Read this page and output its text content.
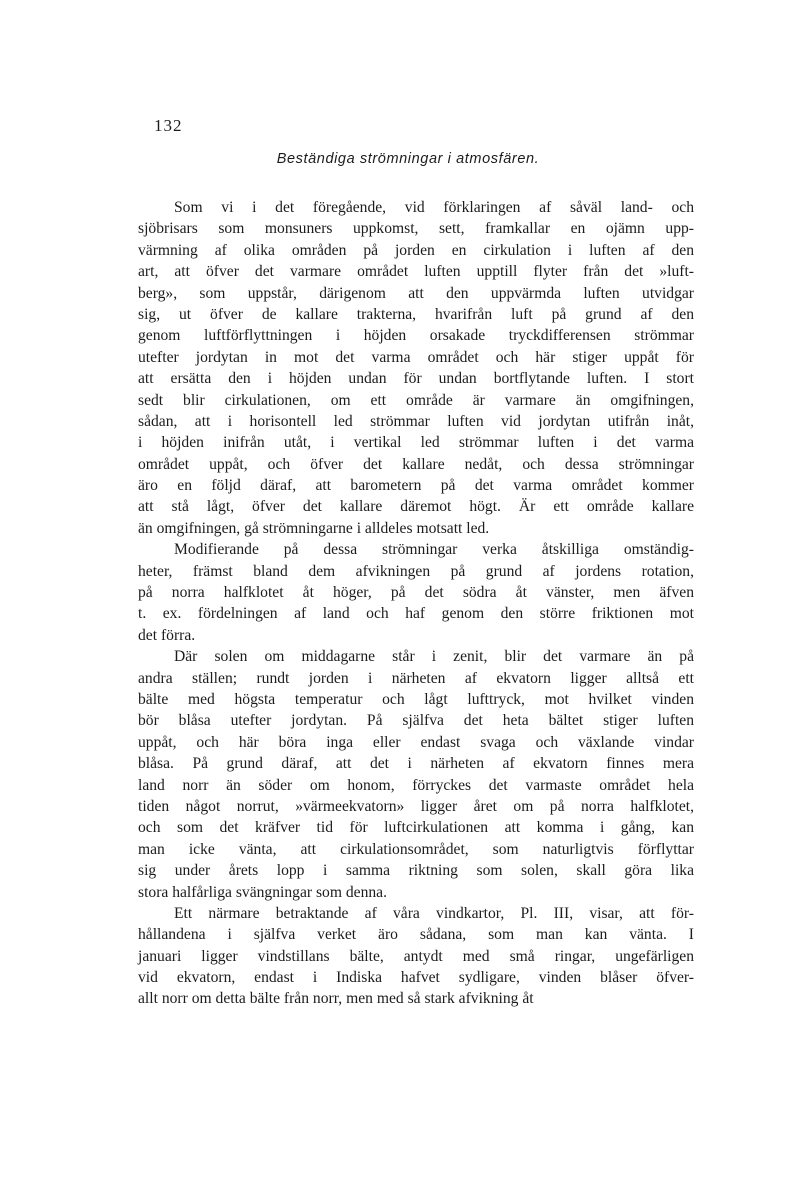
132
Beständiga strömningar i atmosfären.
Som vi i det föregående, vid förklaringen af såväl land- och
sjöbrisars som monsuners uppkomst, sett, framkallar en ojämn upp-
värmning af olika områden på jorden en cirkulation i luften af den
art, att öfver det varmare området luften upptill flyter från det »luft-
berg», som uppstår, därigenom att den uppvärmda luften utvidgar
sig, ut öfver de kallare trakterna, hvarifrån luft på grund af den
genom luftförflyttningen i höjden orsakade tryckdifferensen strömmar
utefter jordytan in mot det varma området och här stiger uppåt för
att ersätta den i höjden undan för undan bortflytande luften. I stort
sedt blir cirkulationen, om ett område är varmare än omgifningen,
sådan, att i horisontell led strömmar luften vid jordytan utifrån inåt,
i höjden inifrån utåt, i vertikal led strömmar luften i det varma
området uppåt, och öfver det kallare nedåt, och dessa strömningar
äro en följd däraf, att barometern på det varma området kommer
att stå lågt, öfver det kallare däremot högt. Är ett område kallare
än omgifningen, gå strömningarne i alldeles motsatt led.
Modifierande på dessa strömningar verka åtskilliga omständig-
heter, främst bland dem afvikningen på grund af jordens rotation,
på norra halfklotet åt höger, på det södra åt vänster, men äfven
t. ex. fördelningen af land och haf genom den större friktionen mot
det förra.
Där solen om middagarne står i zenit, blir det varmare än på
andra ställen; rundt jorden i närheten af ekvatorn ligger alltså ett
bälte med högsta temperatur och lågt lufttryck, mot hvilket vinden
bör blåsa utefter jordytan. På själfva det heta bältet stiger luften
uppåt, och här böra inga eller endast svaga och växlande vindar
blåsa. På grund däraf, att det i närheten af ekvatorn finnes mera
land norr än söder om honom, förryckes det varmaste området hela
tiden något norrut, »värmeekvatorn» ligger året om på norra halfklotet,
och som det kräfver tid för luftcirkulationen att komma i gång, kan
man icke vänta, att cirkulationsområdet, som naturligtvis förflyttar
sig under årets lopp i samma riktning som solen, skall göra lika
stora halfårliga svängningar som denna.
Ett närmare betraktande af våra vindkartor, Pl. III, visar, att för-
hållandena i själfva verket äro sådana, som man kan vänta. I
januari ligger vindstillans bälte, antydt med små ringar, ungefärligen
vid ekvatorn, endast i Indiska hafvet sydligare, vinden blåser öfver-
allt norr om detta bälte från norr, men med så stark afvikning åt
